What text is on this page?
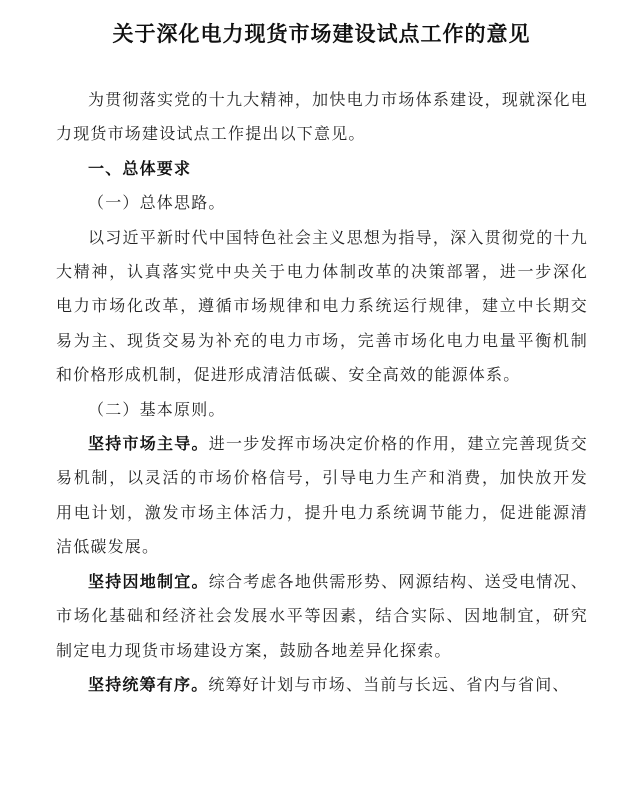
关于深化电力现货市场建设试点工作的意见

为贯彻落实党的十九大精神，加快电力市场体系建设，现就深化电力现货市场建设试点工作提出以下意见。

一、总体要求

（一）总体思路。

以习近平新时代中国特色社会主义思想为指导，深入贯彻党的十九大精神，认真落实党中央关于电力体制改革的决策部署，进一步深化电力市场化改革，遵循市场规律和电力系统运行规律，建立中长期交易为主、现货交易为补充的电力市场，完善市场化电力电量平衡机制和价格形成机制，促进形成清洁低碳、安全高效的能源体系。

（二）基本原则。

坚持市场主导。进一步发挥市场决定价格的作用，建立完善现货交易机制，以灵活的市场价格信号，引导电力生产和消费，加快放开发用电计划，激发市场主体活力，提升电力系统调节能力，促进能源清洁低碳发展。

坚持因地制宜。综合考虑各地供需形势、网源结构、送受电情况、市场化基础和经济社会发展水平等因素，结合实际、因地制宜，研究制定电力现货市场建设方案，鼓励各地差异化探索。

坚持统筹有序。统筹好计划与市场、当前与长远、省内与省间、
